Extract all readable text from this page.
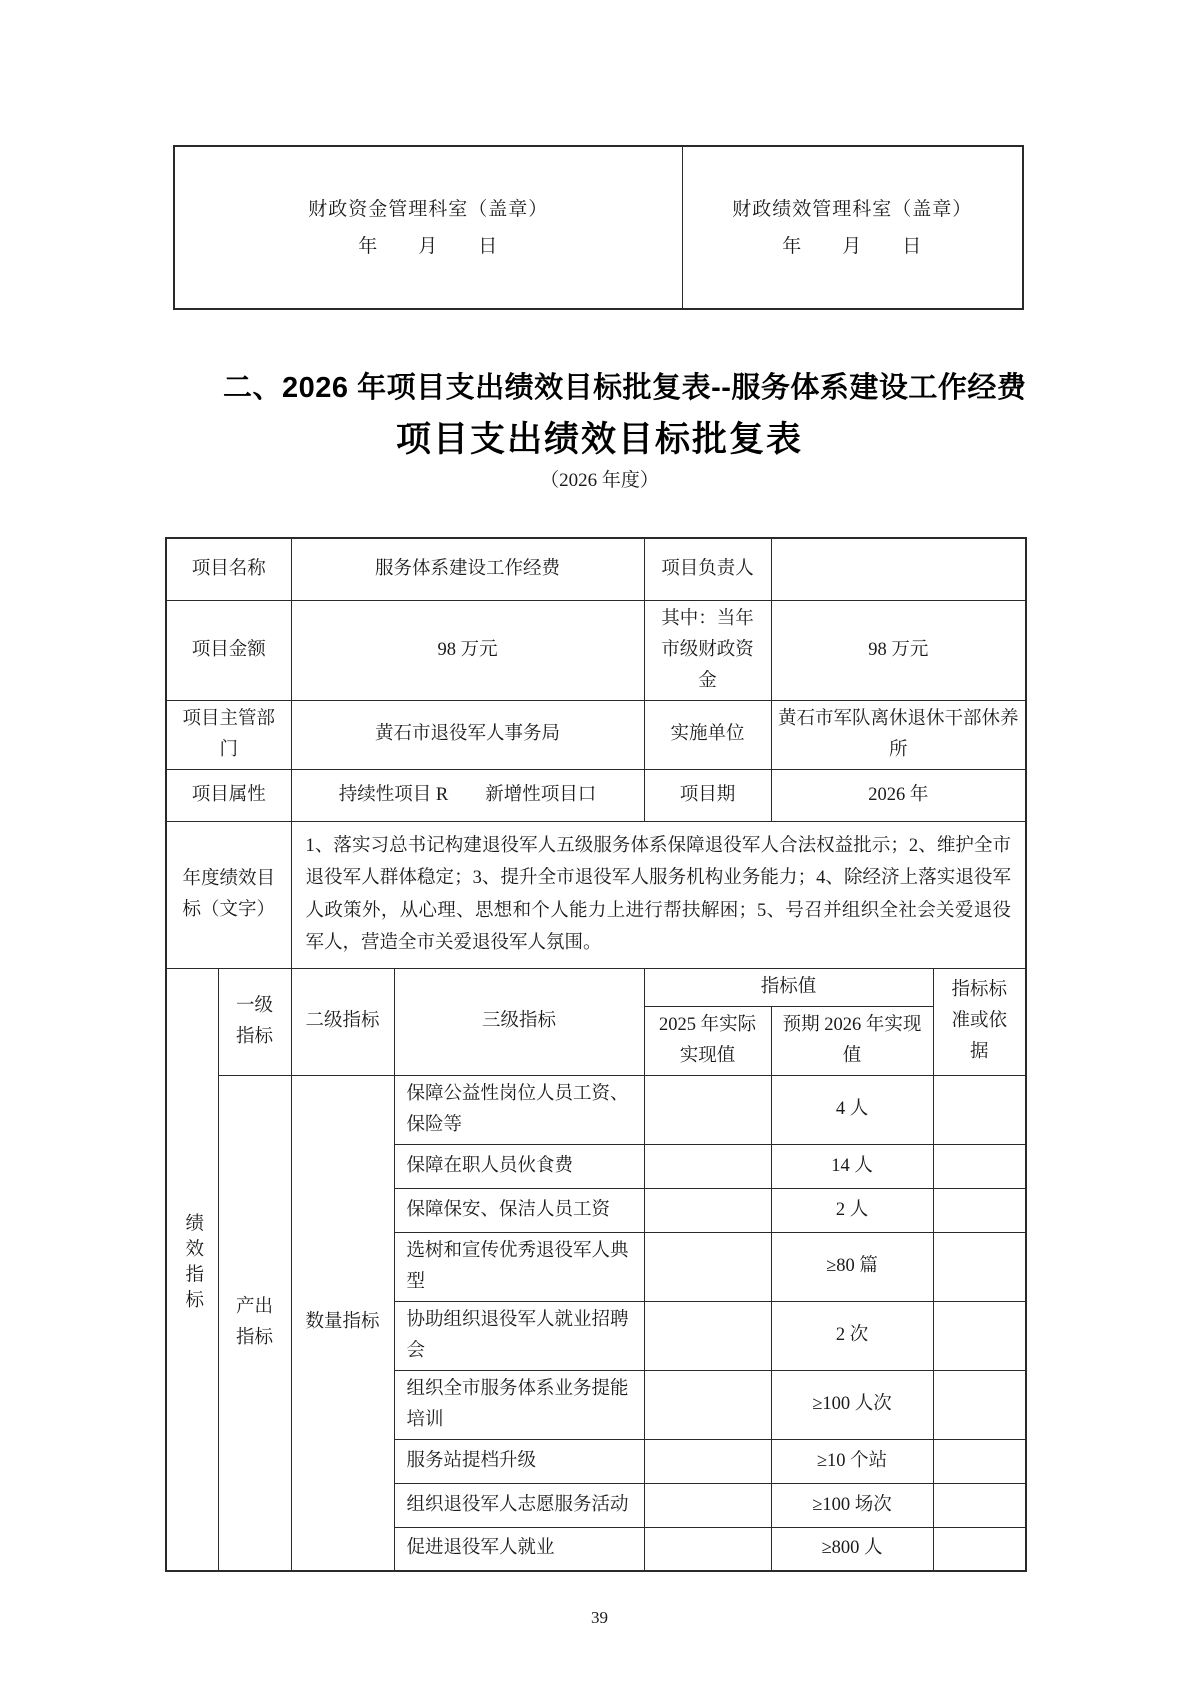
财政资金管理科室（盖章）
年　　月　　日

财政绩效管理科室（盖章）
年　　月　　日
二、2026 年项目支出绩效目标批复表--服务体系建设工作经费
项目支出绩效目标批复表
（2026 年度）
项目名称		服务体系建设工作经费		项目负责人		
项目金额		98 万元		其中：当年市级财政资金	98 万元	
项目主管部门		黄石市退役军人事务局		实施单位	黄石市军队离休退休干部休养所	
项目属性		持续性项目 R　　新增性项目口		项目期	2026 年	
年度绩效目标（文字）		1、落实习总书记构建退役军人五级服务体系保障退役军人合法权益批示；2、维护全市退役军人群体稳定；3、提升全市退役军人服务机构业务能力；4、除经济上落实退役军人政策外，从心理、思想和个人能力上进行帮扶解困；5、号召并组织全社会关爱退役军人，营造全市关爱退役军人氛围。				
绩效指标	一级指标	二级指标	三级指标	指标值		指标标准或依据
				2025 年实际实现值	预期 2026 年实现值	
	产出指标	数量指标	保障公益性岗位人员工资、保险等		4 人	
			保障在职人员伙食费		14 人	
			保障保安、保洁人员工资		2 人	
			选树和宣传优秀退役军人典型		≥80 篇	
			协助组织退役军人就业招聘会		2 次	
			组织全市服务体系业务提能培训		≥100 人次	
			服务站提档升级		≥10 个站	
			组织退役军人志愿服务活动		≥100 场次	
			促进退役军人就业		≥800 人	
39
